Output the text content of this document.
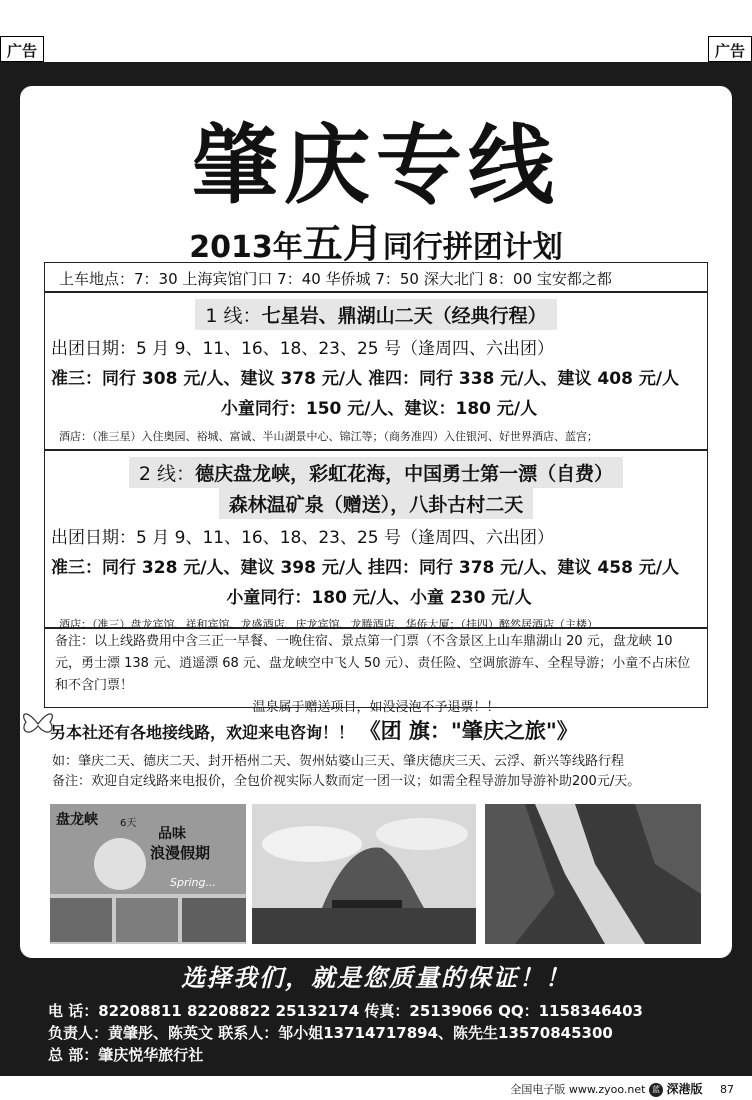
广告	广告
肇庆专线
2013年五月同行拼团计划
上车地点：7：30 上海宾馆门口 7：40 华侨城 7：50 深大北门 8：00 宝安都之都
1 线：七星岩、鼎湖山二天（经典行程）
出团日期：5 月 9、11、16、18、23、25 号（逢周四、六出团）
准三：同行 308 元/人、建议 378 元/人 准四：同行 338 元/人、建议 408 元/人
小童同行：150 元/人、建议：180 元/人
酒店：（准三星）入住奥园、裕城、富诚、半山湖景中心、锦江等；（商务准四）入住银河、好世界酒店、蓝宫；
2 线：德庆盘龙峡，彩虹花海，中国勇士第一漂（自费）
森林温矿泉（赠送），八卦古村二天
出团日期：5 月 9、11、16、18、23、25 号（逢周四、六出团）
准三：同行 328 元/人、建议 398 元/人 挂四：同行 378 元/人、建议 458 元/人
小童同行：180 元/人、小童 230 元/人
酒店：（准三）盘龙宾馆、祥和宾馆、龙盛酒店、庆龙宾馆、龙腾酒店、华侨大厦；（挂四）醉然居酒店（主楼）
备注：以上线路费用中含三正一早餐、一晚住宿、景点第一门票（不含景区上山车鼎湖山 20 元，盘龙峡 10 元，勇士漂 138 元、逍遥漂 68 元、盘龙峡空中飞人 50 元）、责任险、空调旅游车、全程导游；小童不占床位和不含门票！
温泉属于赠送项目，如没浸泡不予退票！！
另本社还有各地接线路，欢迎来电咨询！！ 《团 旗："肇庆之旅"》
如：肇庆二天、德庆二天、封开梧州二天、贺州姑婆山三天、肇庆德庆三天、云浮、新兴等线路行程
备注：欢迎自定线路来电报价，全包价视实际人数而定一团一议；如需全程导游加导游补助200元/天。
盘龙峡 6天
品味
浪漫假期
Spring...
选择我们，就是您质量的保证！！
电 话：82208811 82208822 25132174 传真：25139066 QQ：1158346403
负责人：黄肇彤、陈英文 联系人：邹小姐13714717894、陈先生13570845300
总 部：肇庆悦华旅行社
全国电子版 www.zyoo.net 蓝 深港版 87
